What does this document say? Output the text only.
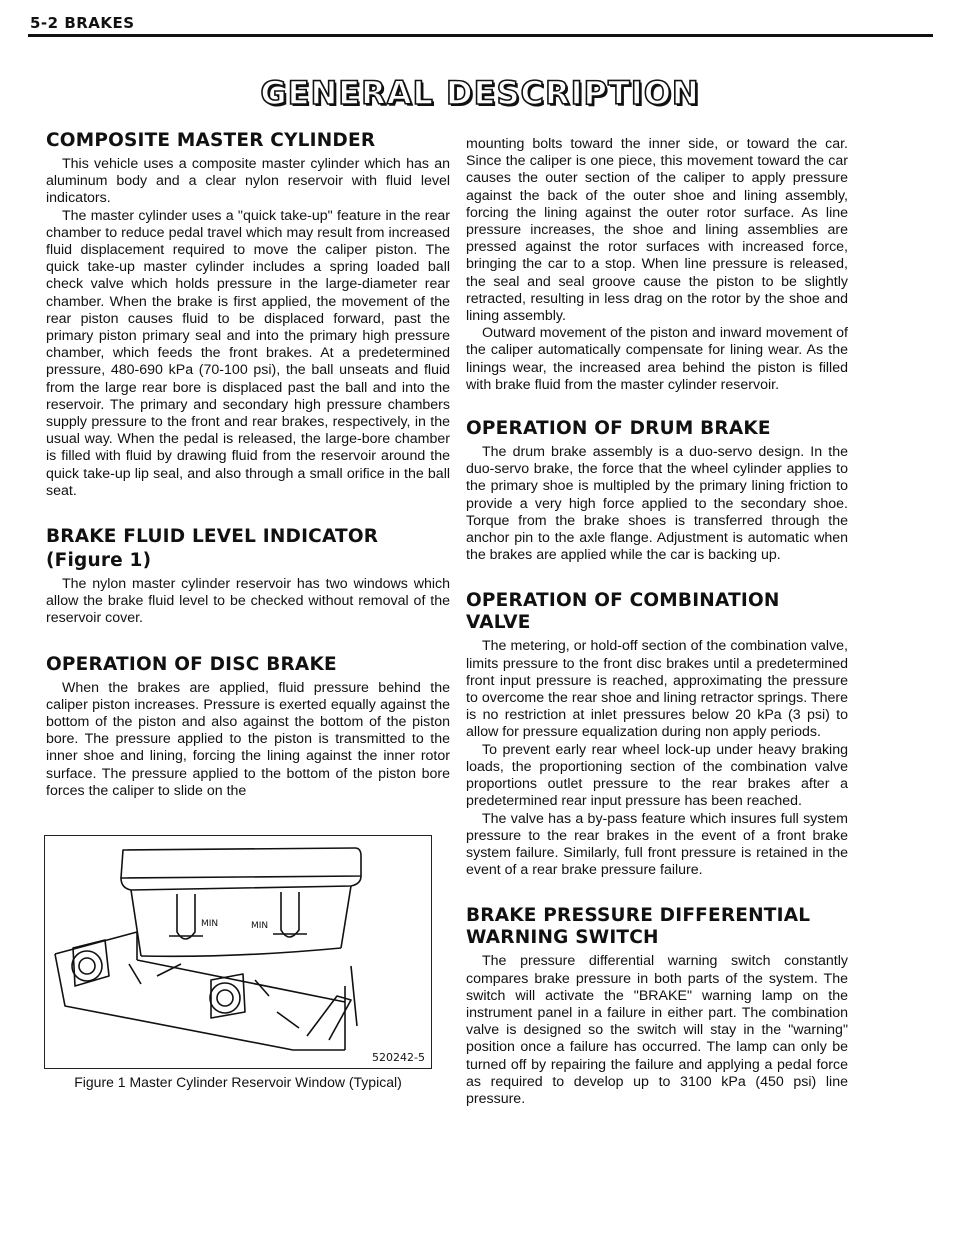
5-2 BRAKES
GENERAL DESCRIPTION
COMPOSITE MASTER CYLINDER

This vehicle uses a composite master cylinder which has an aluminum body and a clear nylon reservoir with fluid level indicators.

The master cylinder uses a "quick take-up" feature in the rear chamber to reduce pedal travel which may result from increased fluid displacement required to move the caliper piston. The quick take-up master cylinder includes a spring loaded ball check valve which holds pressure in the large-diameter rear chamber. When the brake is first applied, the movement of the rear piston causes fluid to be displaced forward, past the primary piston primary seal and into the primary high pressure chamber, which feeds the front brakes. At a predetermined pressure, 480-690 kPa (70-100 psi), the ball unseats and fluid from the large rear bore is displaced past the ball and into the reservoir. The primary and secondary high pressure chambers supply pressure to the front and rear brakes, respectively, in the usual way. When the pedal is released, the large-bore chamber is filled with fluid by drawing fluid from the reservoir around the quick take-up lip seal, and also through a small orifice in the ball seat.

BRAKE FLUID LEVEL INDICATOR
(Figure 1)

The nylon master cylinder reservoir has two windows which allow the brake fluid level to be checked without removal of the reservoir cover.

OPERATION OF DISC BRAKE

When the brakes are applied, fluid pressure behind the caliper piston increases. Pressure is exerted equally against the bottom of the piston and also against the bottom of the piston bore. The pressure applied to the piston is transmitted to the inner shoe and lining, forcing the lining against the inner rotor surface. The pressure applied to the bottom of the piston bore forces the caliper to slide on the

MIN	MIN
520242-5
Figure 1 Master Cylinder Reservoir Window (Typical)

mounting bolts toward the inner side, or toward the car. Since the caliper is one piece, this movement toward the car causes the outer section of the caliper to apply pressure against the back of the outer shoe and lining assembly, forcing the lining against the outer rotor surface. As line pressure increases, the shoe and lining assemblies are pressed against the rotor surfaces with increased force, bringing the car to a stop. When line pressure is released, the seal and seal groove cause the piston to be slightly retracted, resulting in less drag on the rotor by the shoe and lining assembly.

Outward movement of the piston and inward movement of the caliper automatically compensate for lining wear. As the linings wear, the increased area behind the piston is filled with brake fluid from the master cylinder reservoir.

OPERATION OF DRUM BRAKE

The drum brake assembly is a duo-servo design. In the duo-servo brake, the force that the wheel cylinder applies to the primary shoe is multipled by the primary lining friction to provide a very high force applied to the secondary shoe. Torque from the brake shoes is transferred through the anchor pin to the axle flange. Adjustment is automatic when the brakes are applied while the car is backing up.

OPERATION OF COMBINATION VALVE

The metering, or hold-off section of the combination valve, limits pressure to the front disc brakes until a predetermined front input pressure is reached, approximating the pressure to overcome the rear shoe and lining retractor springs. There is no restriction at inlet pressures below 20 kPa (3 psi) to allow for pressure equalization during non apply periods.

To prevent early rear wheel lock-up under heavy braking loads, the proportioning section of the combination valve proportions outlet pressure to the rear brakes after a predetermined rear input pressure has been reached.

The valve has a by-pass feature which insures full system pressure to the rear brakes in the event of a front brake system failure. Similarly, full front pressure is retained in the event of a rear brake pressure failure.

BRAKE PRESSURE DIFFERENTIAL
WARNING SWITCH

The pressure differential warning switch constantly compares brake pressure in both parts of the system. The switch will activate the "BRAKE" warning lamp on the instrument panel in a failure in either part. The combination valve is designed so the switch will stay in the "warning" position once a failure has occurred. The lamp can only be turned off by repairing the failure and applying a pedal force as required to develop up to 3100 kPa (450 psi) line pressure.
